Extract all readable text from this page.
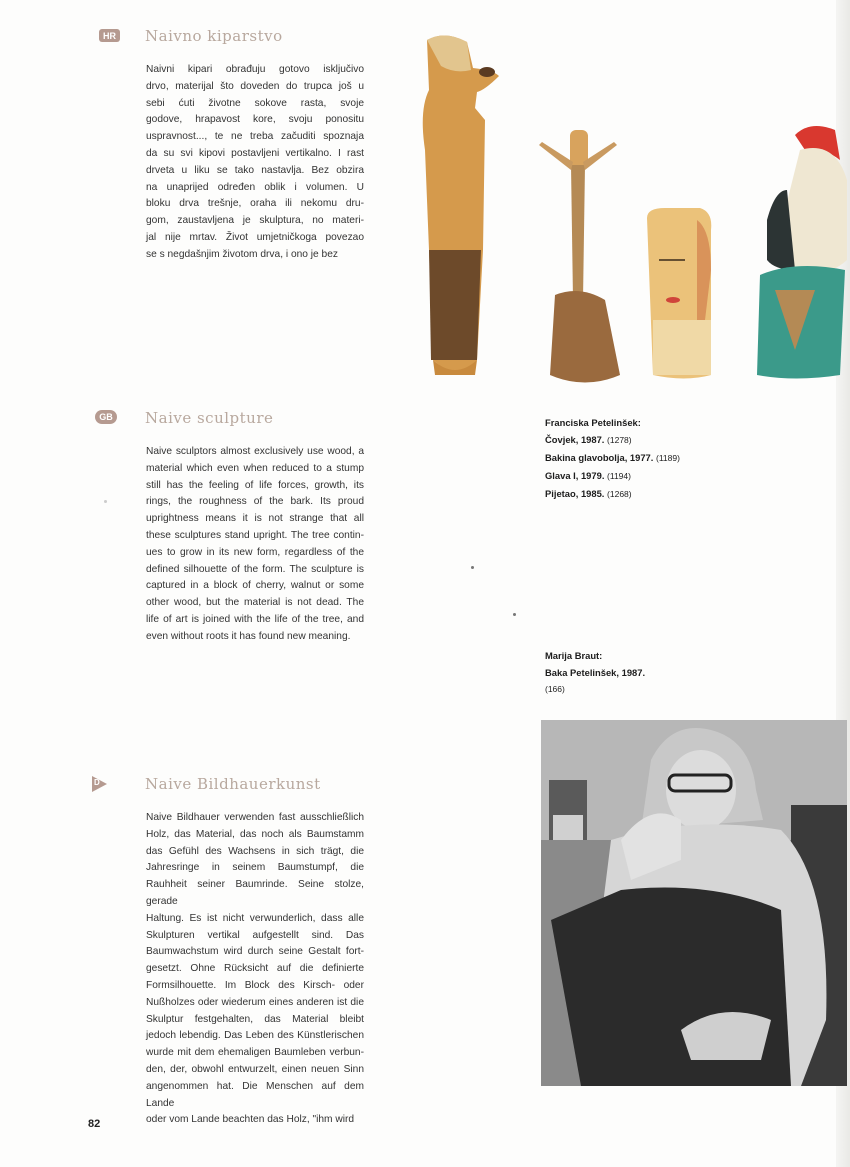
HR Naivno kiparstvo
Naivni kipari obrađuju gotovo isključivo
drvo, materijal što doveden do trupca još u
sebi ćuti životne sokove rasta, svoje
godove, hrapavost kore, svoju ponositu
uspravnost..., te ne treba začuditi spoznaja
da su svi kipovi postavljeni vertikalno. I rast
drveta u liku se tako nastavlja. Bez obzira
na unaprijed određen oblik i volumen. U
bloku drva trešnje, oraha ili nekomu dru-
gom, zaustavljena je skulptura, no materi-
jal nije mrtav. Život umjetničkoga povezao
se s negdašnjim životom drva, i ono je bez
GB Naive sculpture
Naive sculptors almost exclusively use wood, a
material which even when reduced to a stump
still has the feeling of life forces, growth, its
rings, the roughness of the bark. Its proud
uprightness means it is not strange that all
these sculptures stand upright. The tree contin-
ues to grow in its new form, regardless of the
defined silhouette of the form. The sculpture is
captured in a block of cherry, walnut or some
other wood, but the material is not dead. The
life of art is joined with the life of the tree, and
even without roots it has found new meaning.
D	Naive Bildhauerkunst
Naive Bildhauer verwenden fast ausschließlich
Holz, das Material, das noch als Baumstamm
das Gefühl des Wachsens in sich trägt, die
Jahresringe in seinem Baumstumpf, die
Rauhheit seiner Baumrinde. Seine stolze, gerade
Haltung. Es ist nicht verwunderlich, dass alle
Skulpturen vertikal aufgestellt sind. Das
Baumwachstum wird durch seine Gestalt fort-
gesetzt. Ohne Rücksicht auf die definierte
Formsilhouette. Im Block des Kirsch- oder
Nußholzes oder wiederum eines anderen ist die
Skulptur festgehalten, das Material bleibt
jedoch lebendig. Das Leben des Künstlerischen
wurde mit dem ehemaligen Baumleben verbun-
den, der, obwohl entwurzelt, einen neuen Sinn
angenommen hat. Die Menschen auf dem Lande
oder vom Lande beachten das Holz, "ihm wird
Franciska Petelinšek:
Čovjek, 1987. (1278)
Bakina glavobolja, 1977. (1189)
Glava I, 1979. (1194)
Pijetao, 1985. (1268)
Marija Braut:
Baka Petelinšek, 1987.
(166)
82
